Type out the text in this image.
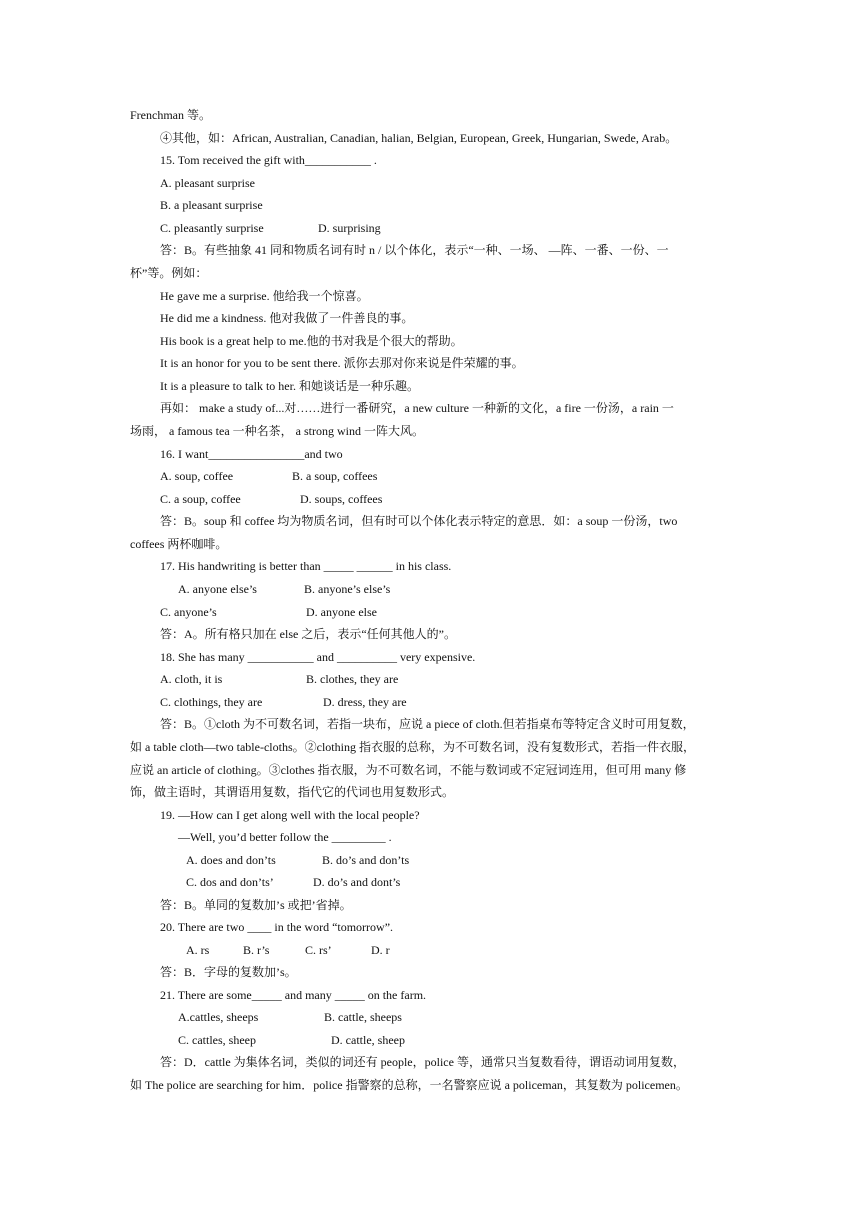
Frenchman 等。
④其他，如：African, Australian, Canadian, halian, Belgian, European, Greek, Hungarian, Swede, Arab。
15. Tom received the gift with___________ .
A. pleasant surprise
B. a pleasant surprise
C. pleasantly surprise	D. surprising
答：B。有些抽象 41 同和物质名词有时 n / 以个体化，表示“一种、一场、 —阵、一番、一份、一
杯”等。例如：
He gave me a surprise. 他给我一个惊喜。
He did me a kindness. 他对我做了一件善良的事。
His book is a great help to me.他的书对我是个很大的帮助。
It is an honor for you to be sent there. 派你去那对你来说是件荣耀的事。
It is a pleasure to talk to her. 和她谈话是一种乐趣。
再如： make a study of...对……进行一番研究，a new culture 一种新的文化，a fire 一份汤，a rain 一
场雨， a famous tea 一种名茶， a strong wind 一阵大风。
16. I want________________and two
A. soup, coffee	B. a soup, coffees
C. a soup, coffee	D. soups, coffees
答：B。soup 和 coffee 均为物质名词，但有时可以个体化表示特定的意思．如：a soup 一份汤，two
coffees 两杯咖啡。
17. His handwriting is better than _____ ______ in his class.
A. anyone else’s	B. anyone’s else’s
C. anyone’s	D. anyone else
答：A。所有格只加在 else 之后，表示“任何其他人的”。
18. She has many ___________ and __________ very expensive.
A. cloth, it is	B. clothes, they are
C. clothings, they are	D. dress, they are
答：B。①cloth 为不可数名词，若指一块布，应说 a piece of cloth.但若指桌布等特定含义时可用复数，
如 a table cloth—two table-cloths。②clothing 指衣服的总称，为不可数名词，没有复数形式，若指一件衣服，
应说 an article of clothing。③clothes 指衣服，为不可数名词，不能与数词或不定冠词连用，但可用 many 修
饰，做主语时，其谓语用复数，指代它的代词也用复数形式。
19. —How can I get along well with the local people?
—Well, you’d better follow the _________ .
A. does and don’ts	B. do’s and don’ts
C. dos and don’ts’	D. do’s and dont’s
答：B。单同的复数加’s 或把’省掉。
20. There are two ____ in the word “tomorrow”.
A. rs	B. r’s	C. rs’	D. r
答：B．字母的复数加’s。
21. There are some_____ and many _____ on the farm.
A.cattles, sheeps	B. cattle, sheeps
C. cattles, sheep	D. cattle, sheep
答：D．cattle 为集体名词，类似的词还有 people，police 等，通常只当复数看待，谓语动词用复数，
如 The police are searching for him．police 指警察的总称，一名警察应说 a policeman，其复数为 policemen。
